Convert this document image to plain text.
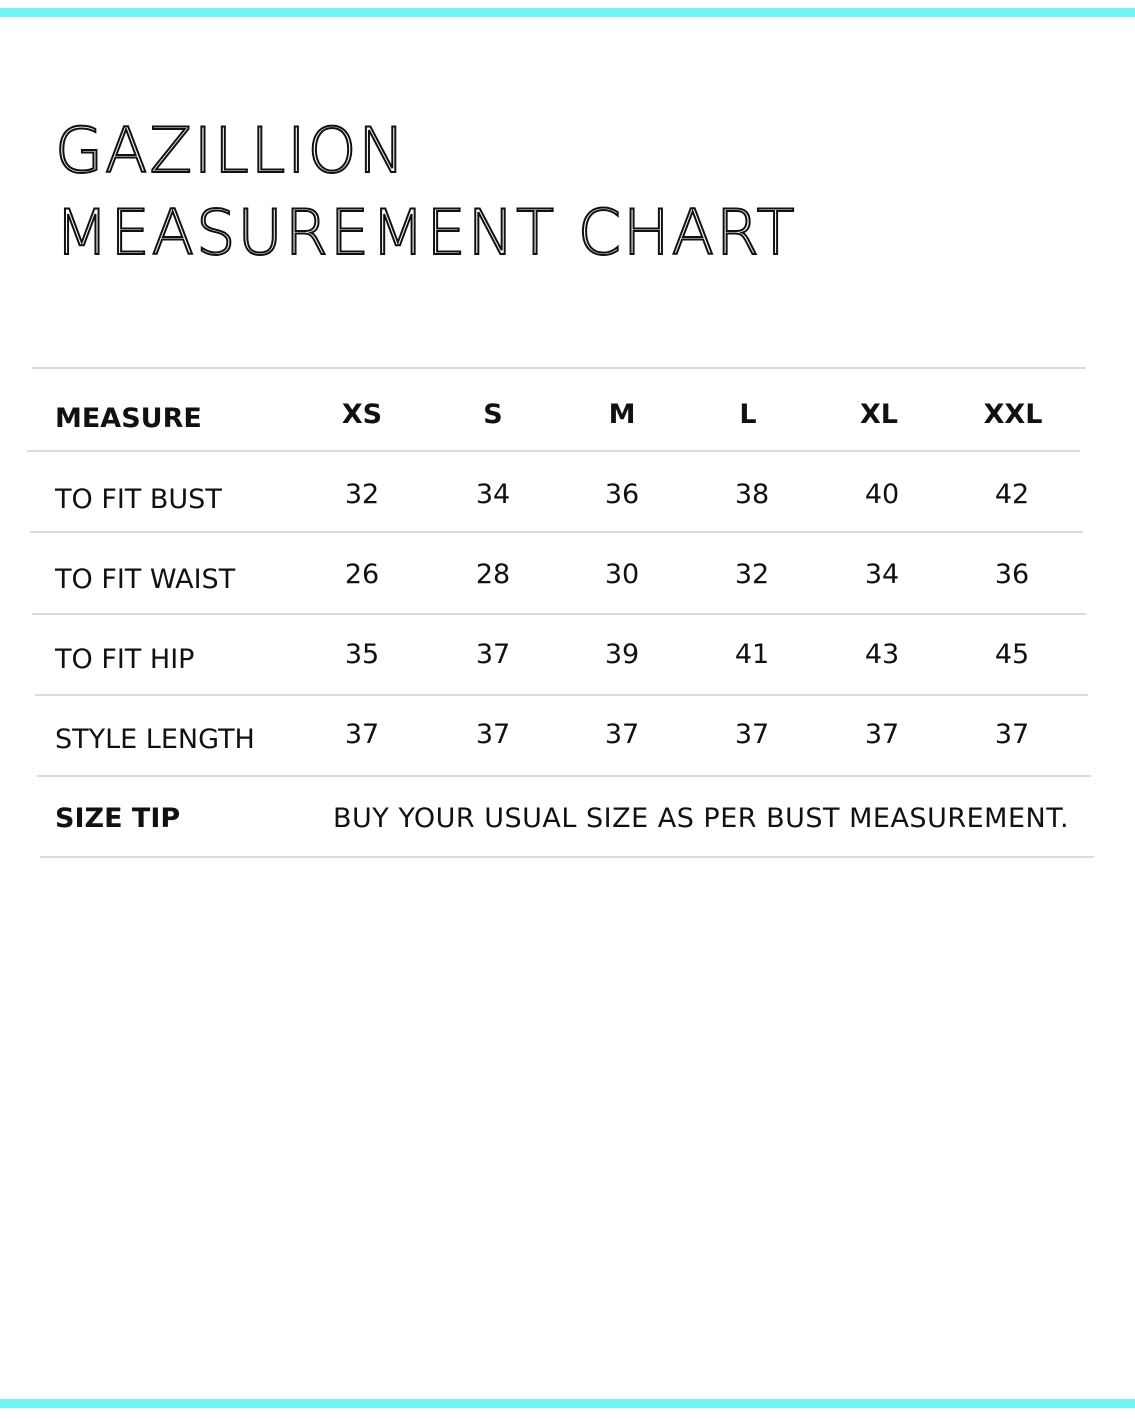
GAZILLION
MEASUREMENT CHART
MEASURE	XS	S	M	L	XL	XXL
TO FIT BUST	32	34	36	38	40	42
TO FIT WAIST	26	28	30	32	34	36
TO FIT HIP	35	37	39	41	43	45
STYLE LENGTH	37	37	37	37	37	37
SIZE TIP	BUY YOUR USUAL SIZE AS PER BUST MEASUREMENT.
